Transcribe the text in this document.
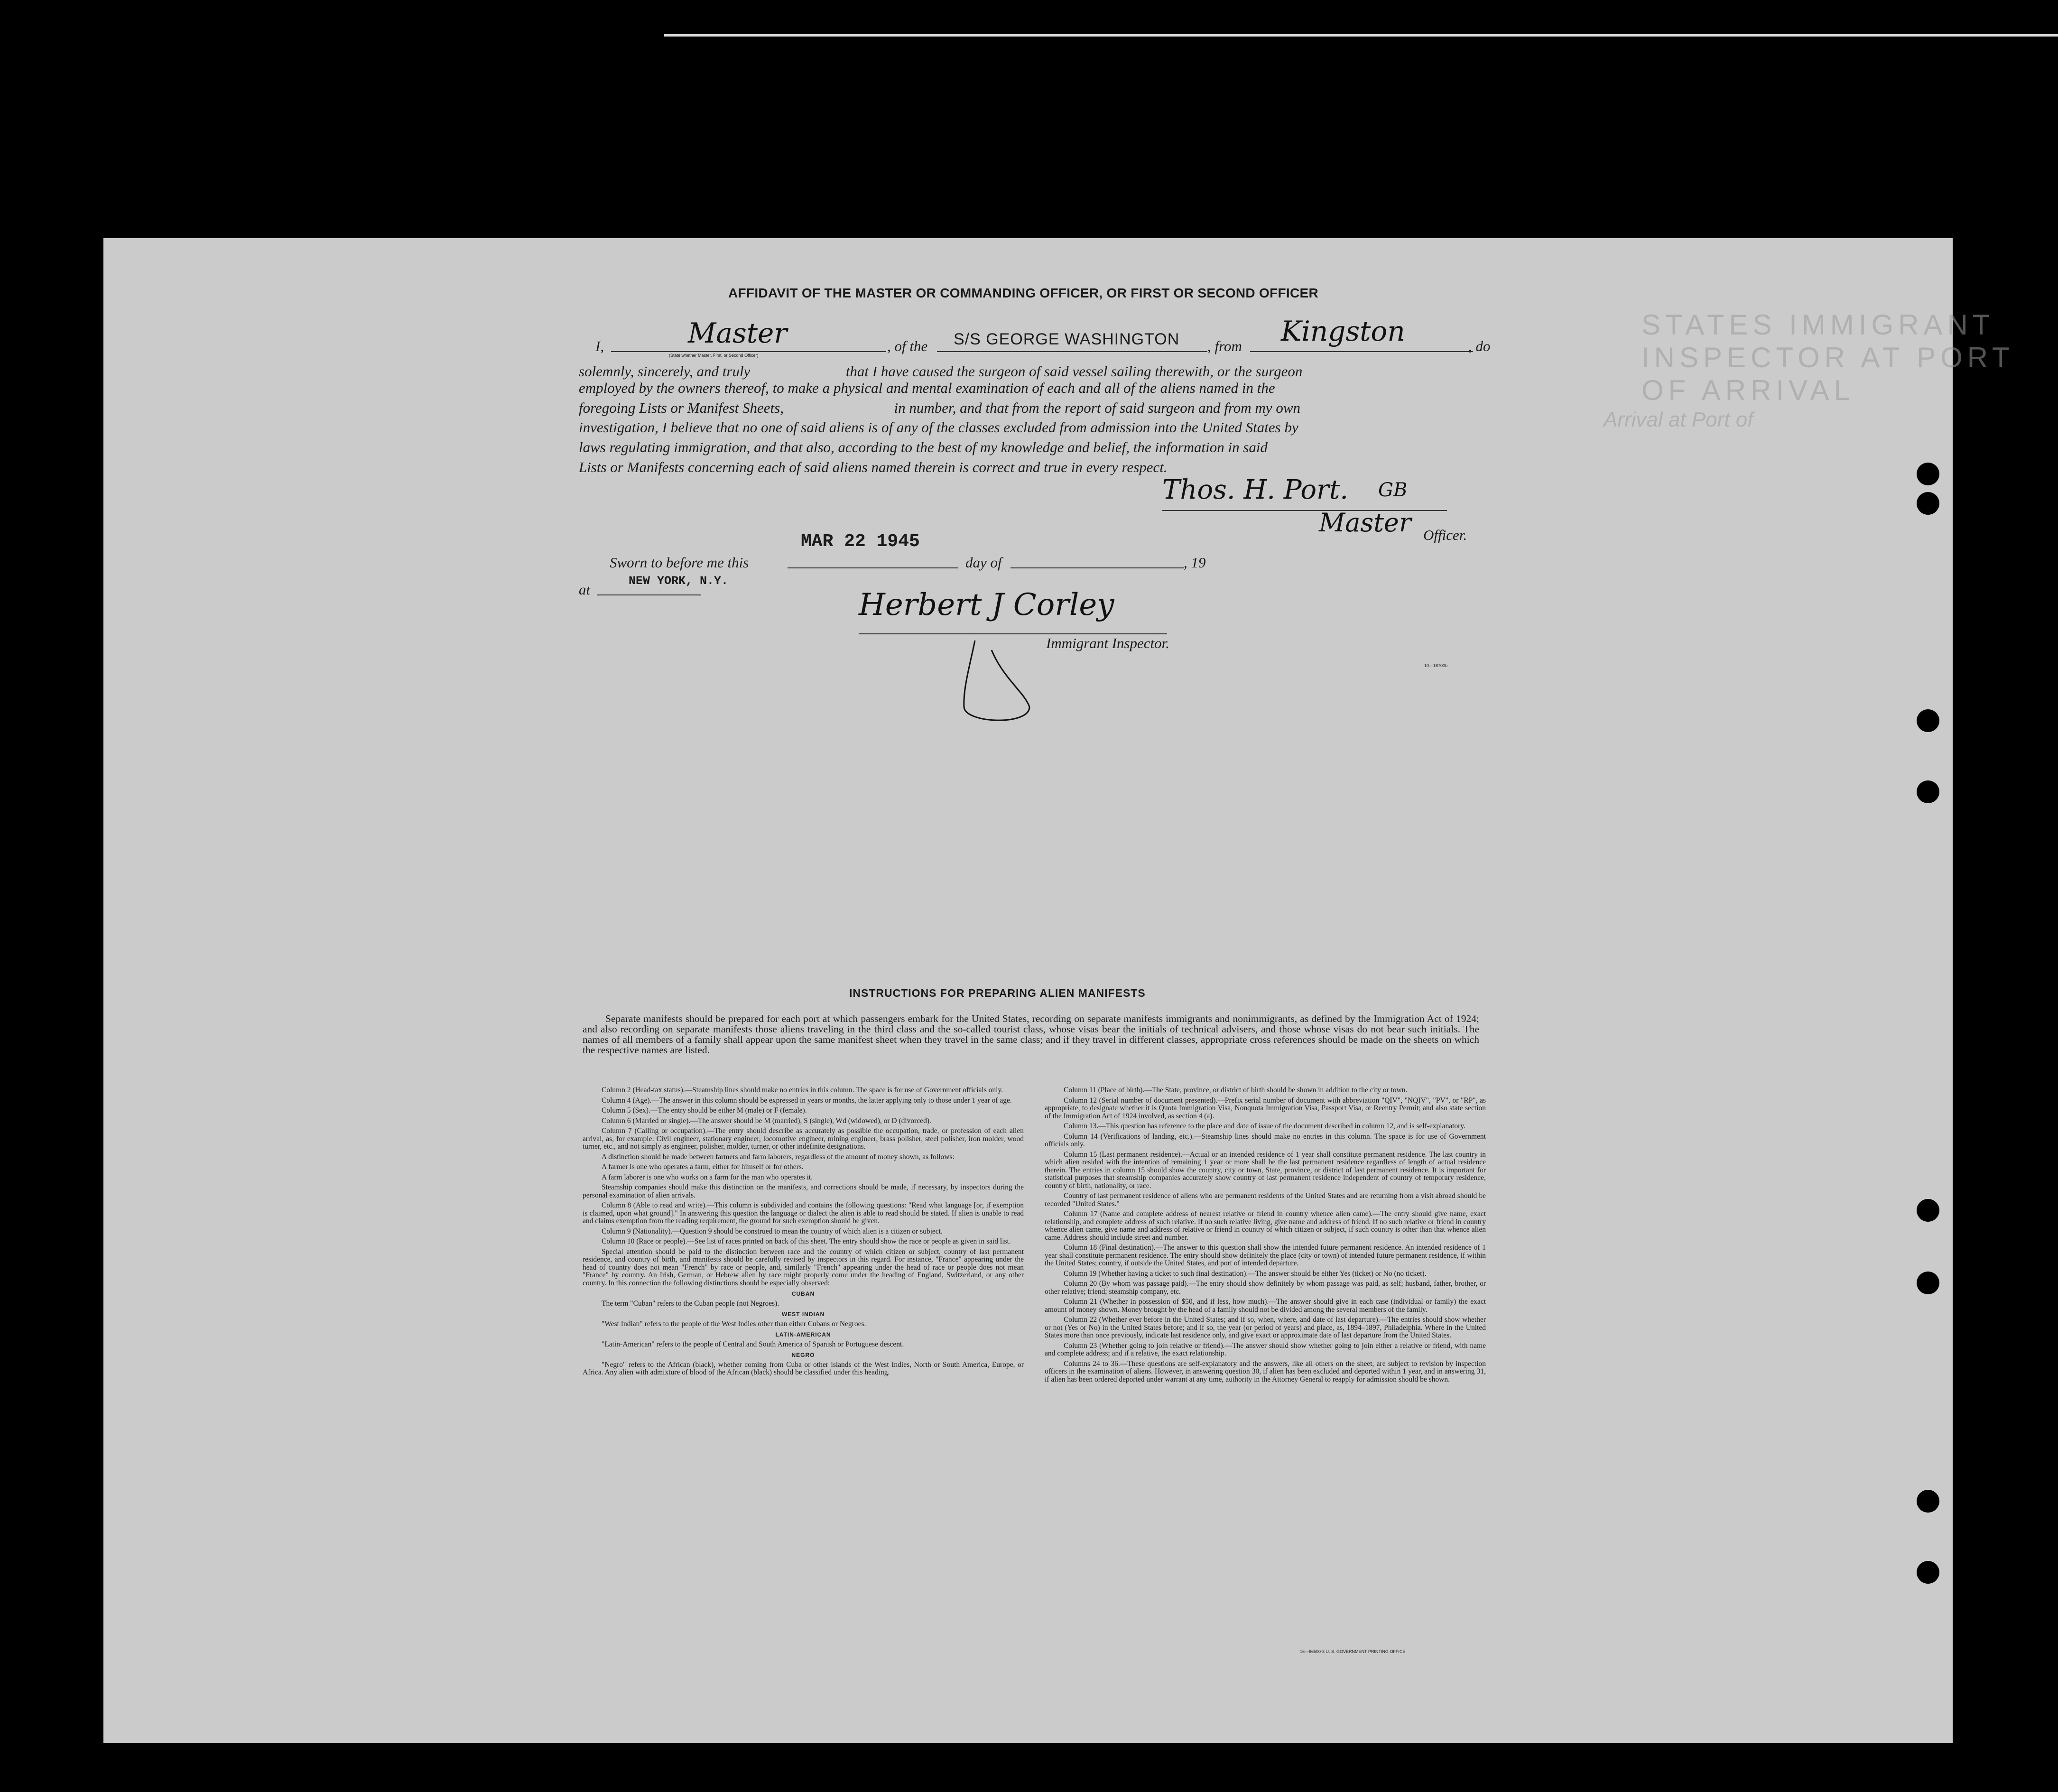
STATES IMMIGRANT INSPECTOR AT PORT OF ARRIVAL
Arrival at Port of
AFFIDAVIT OF THE MASTER OR COMMANDING OFFICER, OR FIRST OR SECOND OFFICER
I,	Master
(State whether Master, First, or Second Officer)
, of the S/S GEORGE WASHINGTON , from Kingston	, do
solemnly, sincerely, and truly                          that I have caused the surgeon of said vessel sailing therewith, or the surgeon
employed by the owners thereof, to make a physical and mental examination of each and all of the aliens named in the
foregoing Lists or Manifest Sheets,                              in number, and that from the report of said surgeon and from my own
investigation, I believe that no one of said aliens is of any of the classes excluded from admission into the United States by
laws regulating immigration, and that also, according to the best of my knowledge and belief, the information in said
Lists or Manifests concerning each of said aliens named therein is correct and true in every respect.
Thos. H. Port. GB
Master Officer.
Sworn to before me this
MAR 22 1945
day of	, 19
at
NEW YORK, N.Y.
Herbert J Corley
Immigrant Inspector.
10—18700b
INSTRUCTIONS FOR PREPARING ALIEN MANIFESTS

Separate manifests should be prepared for each port at which passengers embark for the United States, recording on separate manifests immigrants and nonimmigrants, as defined by the Immigration Act of 1924; and also recording on separate manifests those aliens traveling in the third class and the so-called tourist class, whose visas bear the initials of technical advisers, and those whose visas do not bear such initials. The names of all members of a family shall appear upon the same manifest sheet when they travel in the same class; and if they travel in different classes, appropriate cross references should be made on the sheets on which the respective names are listed.

Column 2 (Head-tax status).—Steamship lines should make no entries in this column. The space is for use of Government officials only.

Column 4 (Age).—The answer in this column should be expressed in years or months, the latter applying only to those under 1 year of age.

Column 5 (Sex).—The entry should be either M (male) or F (female).

Column 6 (Married or single).—The answer should be M (married), S (single), Wd (widowed), or D (divorced).

Column 7 (Calling or occupation).—The entry should describe as accurately as possible the occupation, trade, or profession of each alien arrival, as, for example: Civil engineer, stationary engineer, locomotive engineer, mining engineer, brass polisher, steel polisher, iron molder, wood turner, etc., and not simply as engineer, polisher, molder, turner, or other indefinite designations.

A distinction should be made between farmers and farm laborers, regardless of the amount of money shown, as follows:

A farmer is one who operates a farm, either for himself or for others.

A farm laborer is one who works on a farm for the man who operates it.

Steamship companies should make this distinction on the manifests, and corrections should be made, if necessary, by inspectors during the personal examination of alien arrivals.

Column 8 (Able to read and write).—This column is subdivided and contains the following questions: "Read what language [or, if exemption is claimed, upon what ground]." In answering this question the language or dialect the alien is able to read should be stated. If alien is unable to read and claims exemption from the reading requirement, the ground for such exemption should be given.

Column 9 (Nationality).—Question 9 should be construed to mean the country of which alien is a citizen or subject.

Column 10 (Race or people).—See list of races printed on back of this sheet. The entry should show the race or people as given in said list.

Special attention should be paid to the distinction between race and the country of which citizen or subject, country of last permanent residence, and country of birth, and manifests should be carefully revised by inspectors in this regard. For instance, "France" appearing under the head of country does not mean "French" by race or people, and, similarly "French" appearing under the head of race or people does not mean "France" by country. An Irish, German, or Hebrew alien by race might properly come under the heading of England, Switzerland, or any other country. In this connection the following distinctions should be especially observed:

CUBAN

The term "Cuban" refers to the Cuban people (not Negroes).

WEST INDIAN

"West Indian" refers to the people of the West Indies other than either Cubans or Negroes.

LATIN-AMERICAN

"Latin-American" refers to the people of Central and South America of Spanish or Portuguese descent.

NEGRO

"Negro" refers to the African (black), whether coming from Cuba or other islands of the West Indies, North or South America, Europe, or Africa. Any alien with admixture of blood of the African (black) should be classified under this heading.

Column 11 (Place of birth).—The State, province, or district of birth should be shown in addition to the city or town.

Column 12 (Serial number of document presented).—Prefix serial number of document with abbreviation "QIV", "NQIV", "PV", or "RP", as appropriate, to designate whether it is Quota Immigration Visa, Nonquota Immigration Visa, Passport Visa, or Reentry Permit; and also state section of the Immigration Act of 1924 involved, as section 4 (a).

Column 13.—This question has reference to the place and date of issue of the document described in column 12, and is self-explanatory.

Column 14 (Verifications of landing, etc.).—Steamship lines should make no entries in this column. The space is for use of Government officials only.

Column 15 (Last permanent residence).—Actual or an intended residence of 1 year shall constitute permanent residence. The last country in which alien resided with the intention of remaining 1 year or more shall be the last permanent residence regardless of length of actual residence therein. The entries in column 15 should show the country, city or town, State, province, or district of last permanent residence. It is important for statistical purposes that steamship companies accurately show country of last permanent residence independent of country of temporary residence, country of birth, nationality, or race.

Country of last permanent residence of aliens who are permanent residents of the United States and are returning from a visit abroad should be recorded "United States."

Column 17 (Name and complete address of nearest relative or friend in country whence alien came).—The entry should give name, exact relationship, and complete address of such relative. If no such relative living, give name and address of friend. If no such relative or friend in country whence alien came, give name and address of relative or friend in country of which citizen or subject, if such country is other than that whence alien came. Address should include street and number.

Column 18 (Final destination).—The answer to this question shall show the intended future permanent residence. An intended residence of 1 year shall constitute permanent residence. The entry should show definitely the place (city or town) of intended future permanent residence, if within the United States; country, if outside the United States, and port of intended departure.

Column 19 (Whether having a ticket to such final destination).—The answer should be either Yes (ticket) or No (no ticket).

Column 20 (By whom was passage paid).—The entry should show definitely by whom passage was paid, as self; husband, father, brother, or other relative; friend; steamship company, etc.

Column 21 (Whether in possession of $50, and if less, how much).—The answer should give in each case (individual or family) the exact amount of money shown. Money brought by the head of a family should not be divided among the several members of the family.

Column 22 (Whether ever before in the United States; and if so, when, where, and date of last departure).—The entries should show whether or not (Yes or No) in the United States before; and if so, the year (or period of years) and place, as, 1894–1897, Philadelphia. Where in the United States more than once previously, indicate last residence only, and give exact or approximate date of last departure from the United States.

Column 23 (Whether going to join relative or friend).—The answer should show whether going to join either a relative or friend, with name and complete address; and if a relative, the exact relationship.

Columns 24 to 36.—These questions are self-explanatory and the answers, like all others on the sheet, are subject to revision by inspection officers in the examination of aliens. However, in answering question 30, if alien has been excluded and deported within 1 year, and in answering 31, if alien has been ordered deported under warrant at any time, authority in the Attorney General to reapply for admission should be shown.

16—66500-3 U. S. GOVERNMENT PRINTING OFFICE
